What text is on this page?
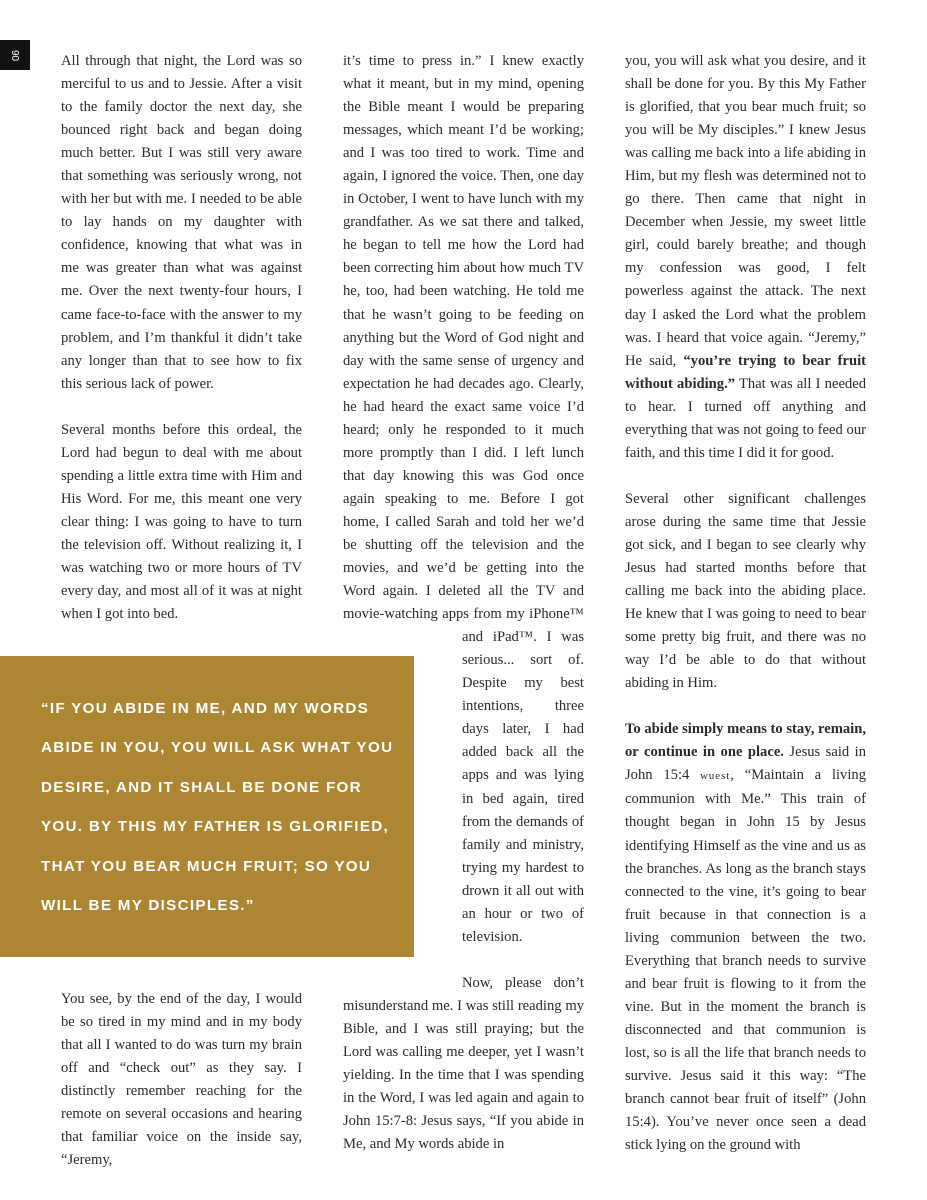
90	All through that night, the Lord was so merciful to us and to Jessie. After a visit to the family doctor the next day, she bounced right back and began doing much better. But I was still very aware that something was seriously wrong, not with her but with me. I needed to be able to lay hands on my daughter with confidence, knowing that what was in me was greater than what was against me. Over the next twenty-four hours, I came face-to-face with the answer to my problem, and I’m thankful it didn’t take any longer than that to see how to fix this serious lack of power.

Several months before this ordeal, the Lord had begun to deal with me about spending a little extra time with Him and His Word. For me, this meant one very clear thing: I was going to have to turn the television off. Without realizing it, I was watching two or more hours of TV every day, and most all of it was at night when I got into bed.

You see, by the end of the day, I would be so tired in my mind and in my body that all I wanted to do was turn my brain off and “check out” as they say. I distinctly remember reaching for the remote on several occasions and hearing that familiar voice on the inside say, “Jeremy,

it’s time to press in.” I knew exactly what it meant, but in my mind, opening the Bible meant I would be preparing messages, which meant I’d be working; and I was too tired to work. Time and again, I ignored the voice. Then, one day in October, I went to have lunch with my grandfather. As we sat there and talked, he began to tell me how the Lord had been correcting him about how much TV he, too, had been watching. He told me that he wasn’t going to be feeding on anything but the Word of God night and day with the same sense of urgency and expectation he had decades ago. Clearly, he had heard the exact same voice I’d heard; only he responded to it much more promptly than I did. I left lunch that day knowing this was God once again speaking to me. Before I got home, I called Sarah and told her we’d be shutting off the television and the movies, and we’d be getting into the Word again. I deleted all the TV and movie-watching apps from my iPhone™ and iPad™. I was serious... sort of. Despite my best intentions, three days later, I had added back all the apps and was lying in bed again, tired from the demands of family and ministry, trying my hardest to drown it all out with an hour or two of television.

Now, please don’t misunderstand me. I was still reading my Bible, and I was still praying; but the Lord was calling me deeper, yet I wasn’t yielding. In the time that I was spending in the Word, I was led again and again to John 15:7-8: Jesus says, “If you abide in Me, and My words abide in

you, you will ask what you desire, and it shall be done for you. By this My Father is glorified, that you bear much fruit; so you will be My disciples.” I knew Jesus was calling me back into a life abiding in Him, but my flesh was determined not to go there. Then came that night in December when Jessie, my sweet little girl, could barely breathe; and though my confession was good, I felt powerless against the attack. The next day I asked the Lord what the problem was. I heard that voice again. “Jeremy,” He said, “you’re trying to bear fruit without abiding.” That was all I needed to hear. I turned off anything and everything that was not going to feed our faith, and this time I did it for good.

Several other significant challenges arose during the same time that Jessie got sick, and I began to see clearly why Jesus had started months before that calling me back into the abiding place. He knew that I was going to need to bear some pretty big fruit, and there was no way I’d be able to do that without abiding in Him.

To abide simply means to stay, remain, or continue in one place. Jesus said in John 15:4 wuest, “Maintain a living communion with Me.” This train of thought began in John 15 by Jesus identifying Himself as the vine and us as the branches. As long as the branch stays connected to the vine, it’s going to bear fruit because in that connection is a living communion between the two. Everything that branch needs to survive and bear fruit is flowing to it from the vine. But in the moment the branch is disconnected and that communion is lost, so is all the life that branch needs to survive. Jesus said it this way: “The branch cannot bear fruit of itself” (John 15:4). You’ve never once seen a dead stick lying on the ground with

“IF YOU ABIDE IN ME, AND MY WORDS ABIDE IN YOU, YOU WILL ASK WHAT YOU DESIRE, AND IT SHALL BE DONE FOR YOU. BY THIS MY FATHER IS GLORIFIED, THAT YOU BEAR MUCH FRUIT; SO YOU WILL BE MY DISCIPLES.”
